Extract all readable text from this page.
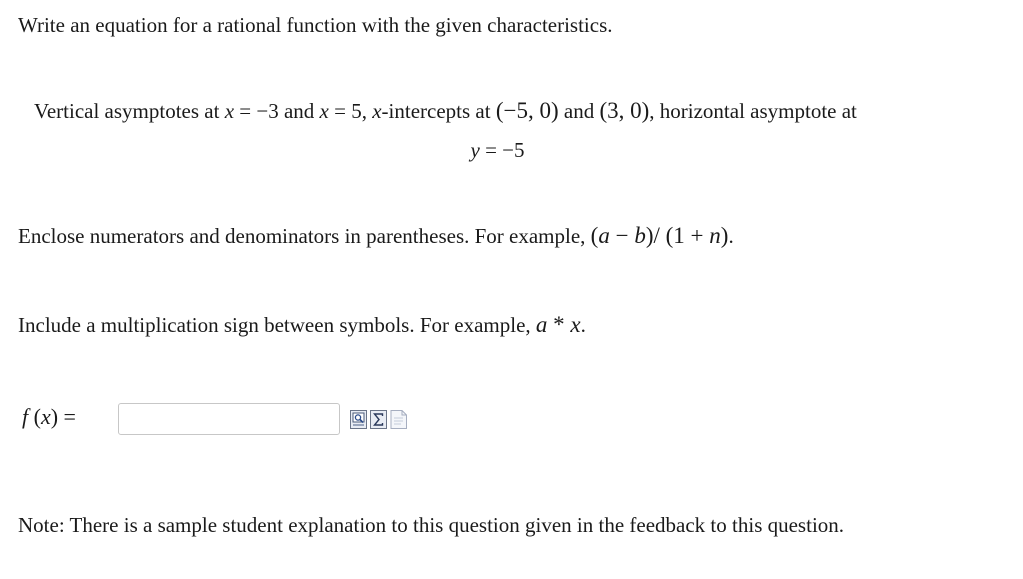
Write an equation for a rational function with the given characteristics.
Vertical asymptotes at x = −3 and x = 5, x-intercepts at (−5, 0) and (3, 0), horizontal asymptote at
y = −5
Enclose numerators and denominators in parentheses. For example, (a − b)/ (1 + n).
Include a multiplication sign between symbols. For example, a * x.
f (x) =
Note: There is a sample student explanation to this question given in the feedback to this question.
